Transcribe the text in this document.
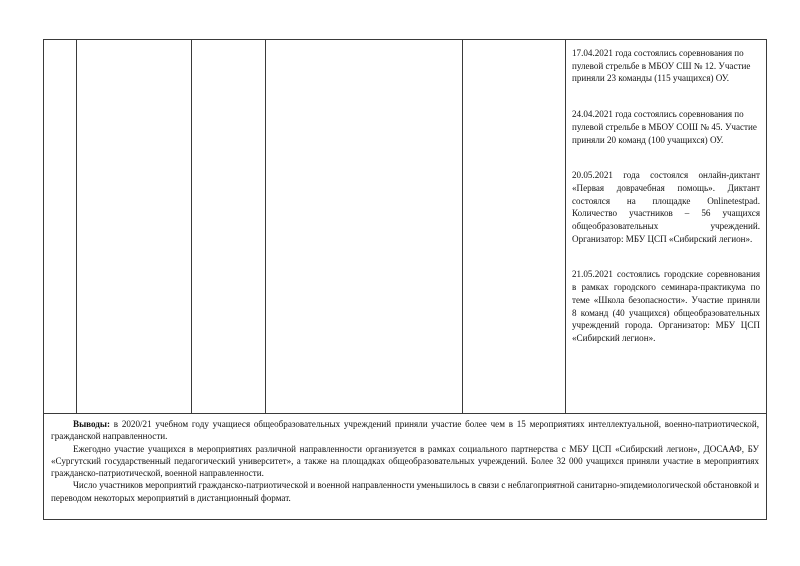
17.04.2021 года состоялись соревнования по пулевой стрельбе в МБОУ СШ № 12. Участие приняли 23 команды (115 учащихся) ОУ.

24.04.2021 года состоялись соревнования по пулевой стрельбе в МБОУ СОШ № 45. Участие приняли 20 команд (100 учащихся) ОУ.

20.05.2021 года состоялся онлайн-диктант «Первая доврачебная помощь». Диктант состоялся на площадке Onlinetestpad. Количество участников – 56 учащихся общеобразовательных учреждений. Организатор: МБУ ЦСП «Сибирский легион».

21.05.2021 состоялись городские соревнования в рамках городского семинара-практикума по теме «Школа безопасности». Участие приняли 8 команд (40 учащихся) общеобразовательных учреждений города. Организатор: МБУ ЦСП «Сибирский легион».

Выводы: в 2020/21 учебном году учащиеся общеобразовательных учреждений приняли участие более чем в 15 мероприятиях интеллектуальной, военно-патриотической, гражданской направленности.

Ежегодно участие учащихся в мероприятиях различной направленности организуется в рамках социального партнерства с МБУ ЦСП «Сибирский легион», ДОСААФ, БУ «Сургутский государственный педагогический университет», а также на площадках общеобразовательных учреждений. Более 32 000 учащихся приняли участие в мероприятиях гражданско-патриотической, военной направленности.

Число участников мероприятий гражданско-патриотической и военной направленности уменьшилось в связи с неблагоприятной санитарно-эпидемиологической обстановкой и переводом некоторых мероприятий в дистанционный формат.
